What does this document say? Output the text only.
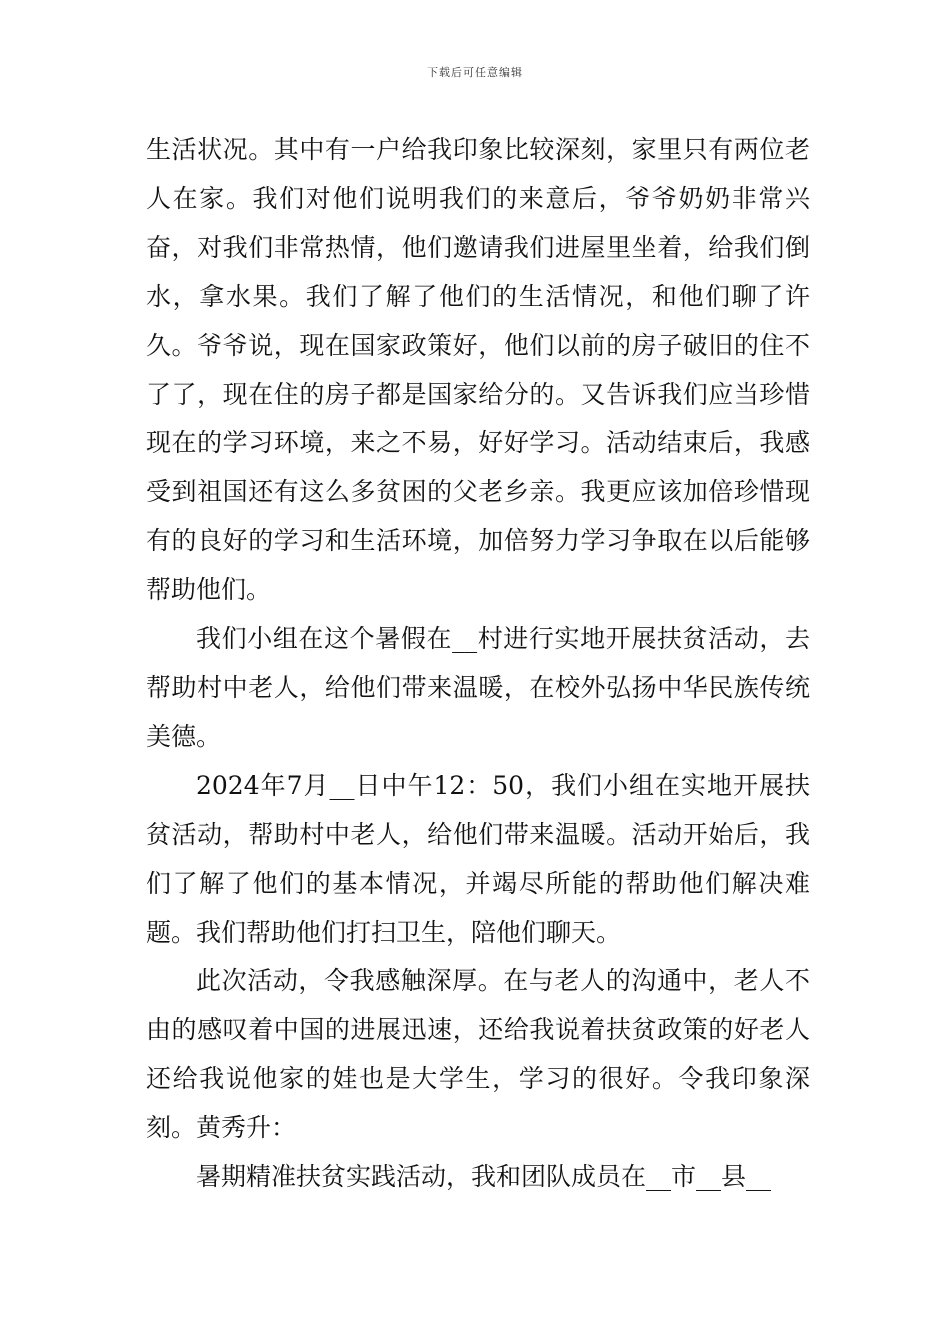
下载后可任意编辑

生活状况。其中有一户给我印象比较深刻，家里只有两位老人在家。我们对他们说明我们的来意后，爷爷奶奶非常兴奋，对我们非常热情，他们邀请我们进屋里坐着，给我们倒水，拿水果。我们了解了他们的生活情况，和他们聊了许久。爷爷说，现在国家政策好，他们以前的房子破旧的住不了了，现在住的房子都是国家给分的。又告诉我们应当珍惜现在的学习环境，来之不易，好好学习。活动结束后，我感受到祖国还有这么多贫困的父老乡亲。我更应该加倍珍惜现有的良好的学习和生活环境，加倍努力学习争取在以后能够帮助他们。

我们小组在这个暑假在__村进行实地开展扶贫活动，去帮助村中老人，给他们带来温暖，在校外弘扬中华民族传统美德。

2024年7月__日中午12：50，我们小组在实地开展扶贫活动，帮助村中老人，给他们带来温暖。活动开始后，我们了解了他们的基本情况，并竭尽所能的帮助他们解决难题。我们帮助他们打扫卫生，陪他们聊天。

此次活动，令我感触深厚。在与老人的沟通中，老人不由的感叹着中国的进展迅速，还给我说着扶贫政策的好老人还给我说他家的娃也是大学生，学习的很好。令我印象深刻。黄秀升：

暑期精准扶贫实践活动，我和团队成员在__市__县__
